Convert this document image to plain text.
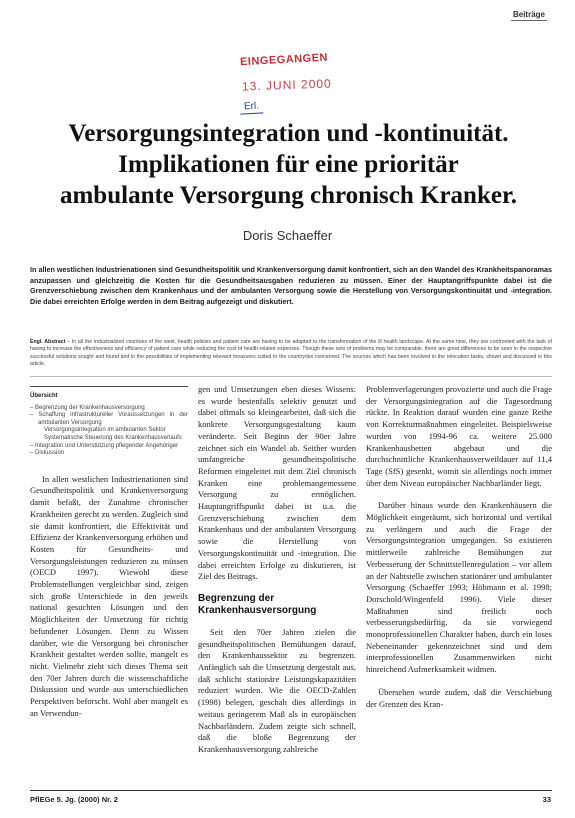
Beiträge
EINGEGANGEN
13. JUNI 2000
Erl.
Versorgungsintegration und -kontinuität.
Implikationen für eine prioritär
ambulante Versorgung chronisch Kranker.
Doris Schaeffer
In allen westlichen Industrienationen sind Gesundheitspolitik und Krankenversorgung damit konfrontiert, sich an den Wandel des Krankheitspanoramas anzupassen und gleichzeitig die Kosten für die Gesundheitsausgaben reduzieren zu müssen. Einer der Hauptangriffspunkte dabei ist die Grenzverschiebung zwischen dem Krankenhaus und der ambulanten Versorgung sowie die Herstellung von Versorgungskontinuität und -integration. Die dabei erreichten Erfolge werden in dem Beitrag aufgezeigt und diskutiert.
Engl. Abstract – In all the industrialized countries of the west, health policies and patient care are having to be adapted to the transformation of the ill health landscape. At the same time, they are confronted with the task of having to increase the effectiveness and efficiency of patient care while reducing the cost of health-related expenses. Though these sets of problems may be comparable, there are great differences to be seen in the respective successful solutions sought and found and in the possibilities of implementing relevant measures suited to the country/ies concerned. The sources which has been involved in the relocation tasks, shown and discussed in this article.
Übersicht
– Begrenzung der Krankenhausversorgung
– Schaffung infrastruktureller Voraussetzungen in der ambulanten Versorgung
Versorgungsintegration im ambulanten Sektor
Systematische Steuerung des Krankenhausverlaufs
– Integration und Unterstützung pflegender Angehöriger
– Diskussion

In allen westlichen Industrienationen sind Gesundheitspolitik und Krankenversorgung damit befaßt, der Zunahme chronischer Krankheiten gerecht zu werden. Zugleich sind sie damit konfrontiert, die Effektivität und Effizienz der Krankenversorgung erhöhen und Kosten für Gesundheits- und Versorgungsleistungen reduzieren zu müssen (OECD 1997). Wiewohl diese Problemstellungen vergleichbar sind, zeigen sich große Unterschiede in den jeweils national gesuchten Lösungen und den Möglichkeiten der Umsetzung für richtig befundener Lösungen. Denn zu Wissen darüber, wie die Versorgung bei chronischer Krankheit gestaltet werden sollte, mangelt es nicht. Vielmehr zieht sich dieses Thema seit den 70er Jahren durch die wissenschaftliche Diskussion und wurde aus unterschiedlichen Perspektiven beforscht. Wohl aber mangelt es an Verwendun-

gen und Umsetzungen eben dieses Wissens: es wurde bestenfalls selektiv genutzt und dabei oftmals so kleingearbeitet, daß sich die konkrete Versorgungsgestaltung kaum veränderte. Seit Beginn der 90er Jahre zeichnet sich ein Wandel ab. Seither wurden umfangreiche gesundheitspolitische Reformen eingeleitet mit dem Ziel chronisch Kranken eine problemangemessene Versorgung zu ermöglichen. Hauptangriffspunkt dabei ist u.a. die Grenzverschiebung zwischen dem Krankenhaus und der ambulanten Versorgung sowie die Herstellung von Versorgungskontinuität und -integration. Die dabei erreichten Erfolge zu diskutieren, ist Ziel des Beitrags.

Begrenzung der Krankenhausversorgung

Seit den 70er Jahren zielen die gesundheitspolitischen Bemühungen darauf, den Krankenhaussektor zu begrenzen. Anfänglich sah die Umsetzung dergestalt aus, daß schlicht stationäre Leistungskapazitäten reduziert wurden. Wie die OECD-Zahlen (1998) belegen, geschah dies allerdings in weitaus geringerem Maß als in europäischen Nachbarländern. Zudem zeigte sich schnell, daß die bloße Begrenzung der Krankenhausversorgung zahlreiche

Problemverlagerungen provozierte und auch die Frage der Versorgungsintegration auf die Tagesordnung rückte. In Reaktion darauf wurden eine ganze Reihe von Korrekturmaßnahmen eingeleitet. Beispielsweise wurden von 1994-96 ca. weitere 25.000 Krankenhausbetten abgebaut und die durchschnittliche Krankenhausverweildauer auf 11,4 Tage (SfS) gesenkt, womit sie allerdings noch immer über dem Niveau europäischer Nachbarländer liegt.

Darüber hinaus wurde den Krankenhäusern die Möglichkeit eingeräumt, sich horizontal und vertikal zu verlängern und auch die Frage der Versorgungsintegration umgegangen. So existieren mittlerweile zahlreiche Bemühungen zur Verbesserung der Schnittstellenregulation – vor allem an der Nahtstelle zwischen stationärer und ambulanter Versorgung (Schaeffer 1993; Höhmann et al. 1998; Dorschold/Wingenfeld 1996). Viele dieser Maßnahmen sind freilich noch verbesserungsbedürftig, da sie vorwiegend monoprofessionellen Charakter haben, durch ein loses Nebeneinander gekennzeichnet sind und dem interprofessionellen Zusammenwirken nicht hinreichend Aufmerksamkeit widmen.

Übersehen wurde zudem, daß die Verschiebung der Grenzen des Kran-

PflEGe 5. Jg. (2000) Nr. 2	33
